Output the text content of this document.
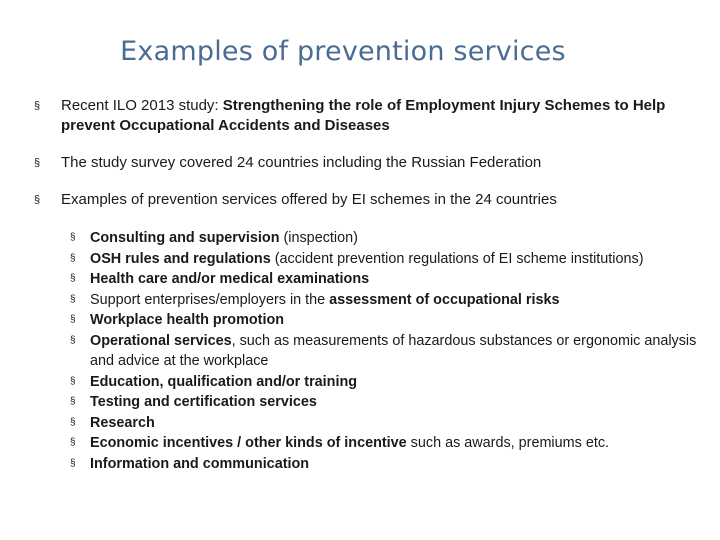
Examples of prevention services
§ Recent ILO 2013 study: Strengthening the role of Employment Injury Schemes to Help prevent Occupational Accidents and Diseases
§ The study survey covered 24 countries including the Russian Federation
§ Examples of prevention services offered by EI schemes in the 24 countries
§ Consulting and supervision (inspection)
§ OSH rules and regulations (accident prevention regulations of EI scheme institutions)
§ Health care and/or medical examinations
§ Support enterprises/employers in the assessment of occupational risks
§ Workplace health promotion
§ Operational services, such as measurements of hazardous substances or ergonomic analysis and advice at the workplace
§ Education, qualification and/or training
§ Testing and certification services
§ Research
§ Economic incentives / other kinds of incentive such as awards, premiums etc.
§ Information and communication
